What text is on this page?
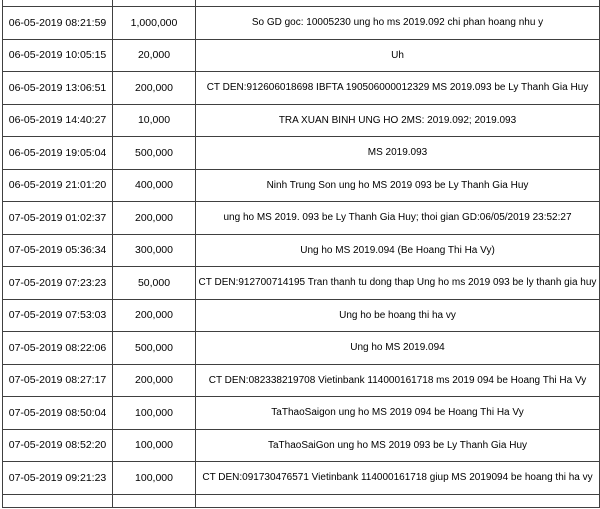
06-05-2019 08:21:59	1,000,000	So GD goc: 10005230 ung ho ms 2019.092 chi phan hoang nhu y
06-05-2019 10:05:15	20,000	Uh
06-05-2019 13:06:51	200,000	CT DEN:912606018698 IBFTA 190506000012329 MS 2019.093 be Ly Thanh Gia Huy
06-05-2019 14:40:27	10,000	TRA XUAN BINH UNG HO 2MS: 2019.092; 2019.093
06-05-2019 19:05:04	500,000	MS 2019.093
06-05-2019 21:01:20	400,000	Ninh Trung Son ung ho MS 2019 093 be Ly Thanh Gia Huy
07-05-2019 01:02:37	200,000	ung ho MS 2019. 093 be Ly Thanh Gia Huy; thoi gian GD:06/05/2019 23:52:27
07-05-2019 05:36:34	300,000	Ung ho MS 2019.094 (Be Hoang Thi Ha Vy)
07-05-2019 07:23:23	50,000	CT DEN:912700714195 Tran thanh tu dong thap Ung ho ms 2019 093 be ly thanh gia huy
07-05-2019 07:53:03	200,000	Ung ho be hoang thi ha vy
07-05-2019 08:22:06	500,000	Ung ho MS 2019.094
07-05-2019 08:27:17	200,000	CT DEN:082338219708 Vietinbank 114000161718 ms 2019 094 be Hoang Thi Ha Vy
07-05-2019 08:50:04	100,000	TaThaoSaigon ung ho MS 2019 094 be Hoang Thi Ha Vy
07-05-2019 08:52:20	100,000	TaThaoSaiGon ung ho MS 2019 093 be Ly Thanh Gia Huy
07-05-2019 09:21:23	100,000	CT DEN:091730476571 Vietinbank 114000161718 giup MS 2019094 be hoang thi ha vy
